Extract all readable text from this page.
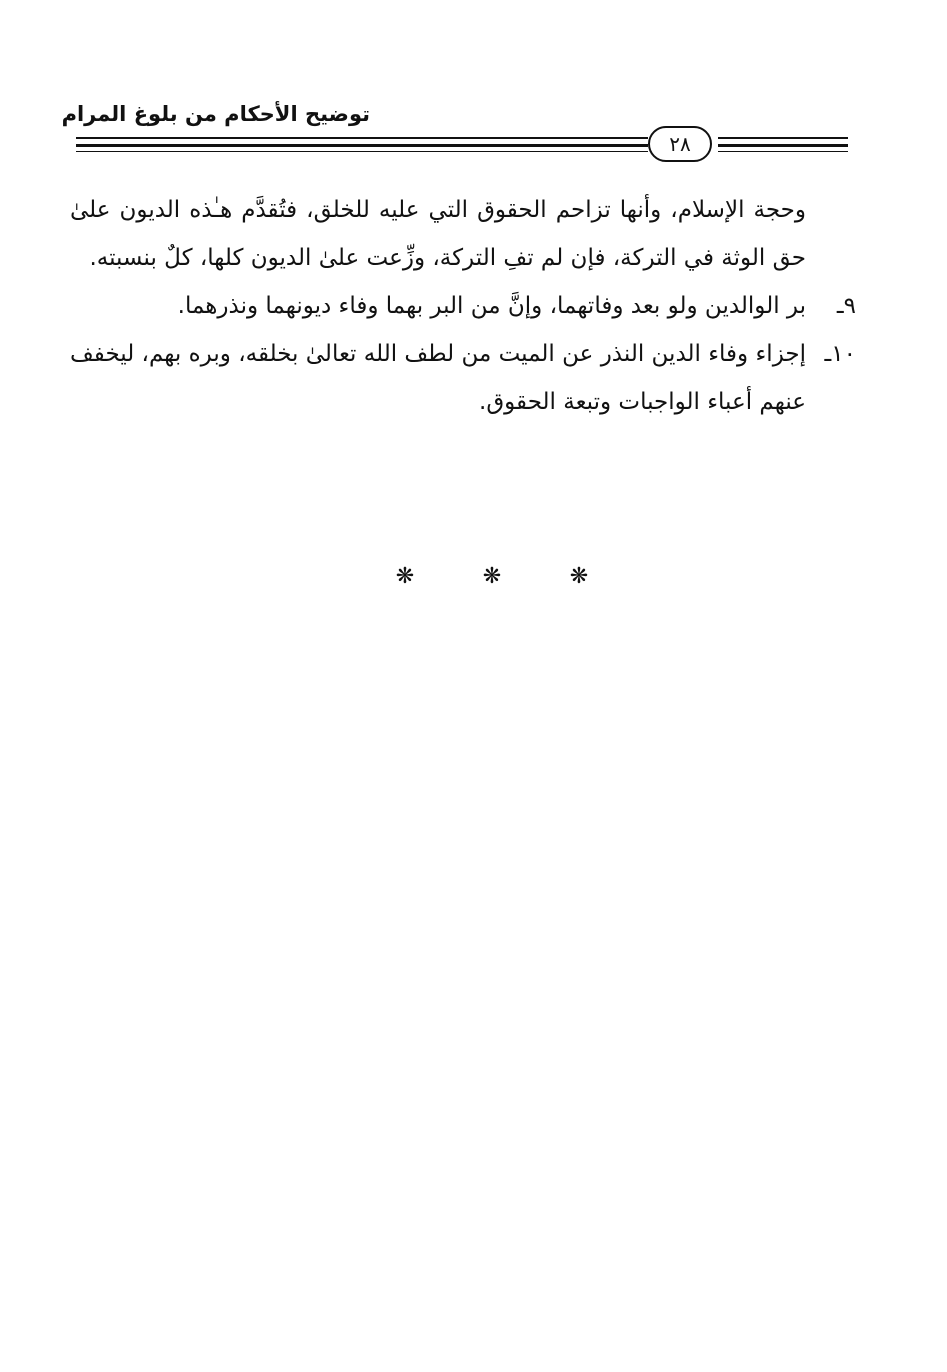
توضيح الأحكام من بلوغ المرام
٢٨

وحجة الإسلام، وأنها تزاحم الحقوق التي عليه للخلق، فتُقدَّم هـٰذه الديون علىٰ حق الوثة في التركة، فإن لم تفِ التركة، وزِّعت علىٰ الديون كلها، كلٌ بنسبته.

٩ـ
بر الوالدين ولو بعد وفاتهما، وإنَّ من البر بهما وفاء ديونهما ونذرهما.

١٠ـ
إجزاء وفاء الدين النذر عن الميت من لطف الله تعالىٰ بخلقه، وبره بهم، ليخفف عنهم أعباء الواجبات وتبعة الحقوق.

❋	❋	❋
